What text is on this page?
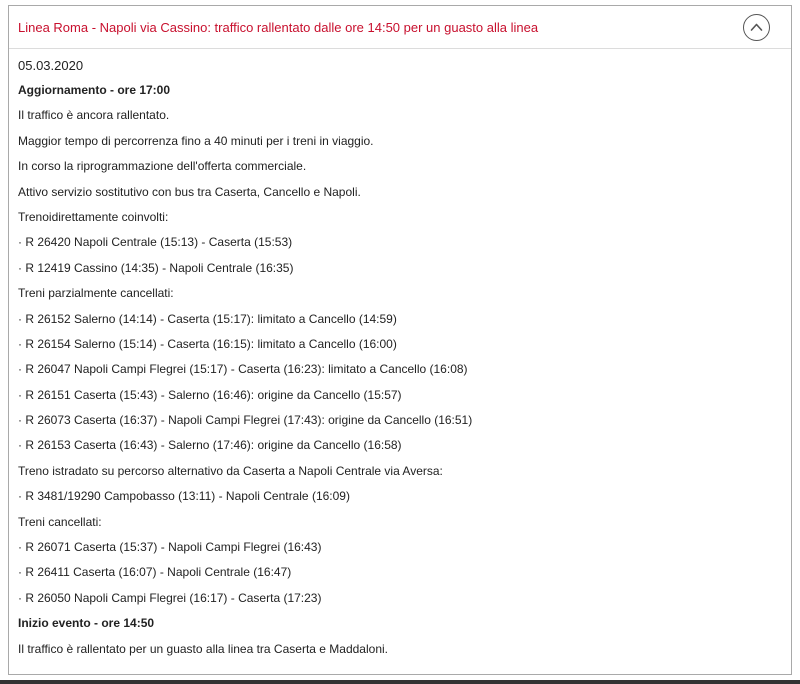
Linea Roma - Napoli via Cassino: traffico rallentato dalle ore 14:50 per un guasto alla linea
05.03.2020
Aggiornamento - ore 17:00
Il traffico è ancora rallentato.
Maggior tempo di percorrenza fino a 40 minuti per i treni in viaggio.
In corso la riprogrammazione dell'offerta commerciale.
Attivo servizio sostitutivo con bus tra Caserta, Cancello e Napoli.
Trenoidirettamente coinvolti:
· R 26420 Napoli Centrale (15:13) - Caserta (15:53)
· R 12419 Cassino (14:35) - Napoli Centrale (16:35)
Treni parzialmente cancellati:
· R 26152 Salerno (14:14) - Caserta (15:17): limitato a Cancello (14:59)
· R 26154 Salerno (15:14) - Caserta (16:15): limitato a Cancello (16:00)
· R 26047 Napoli Campi Flegrei (15:17) - Caserta (16:23): limitato a Cancello (16:08)
· R 26151 Caserta (15:43) - Salerno (16:46): origine da Cancello (15:57)
· R 26073 Caserta (16:37) - Napoli Campi Flegrei (17:43): origine da Cancello (16:51)
· R 26153 Caserta (16:43) - Salerno (17:46): origine da Cancello (16:58)
Treno istradato su percorso alternativo da Caserta a Napoli Centrale via Aversa:
· R 3481/19290 Campobasso (13:11) - Napoli Centrale (16:09)
Treni cancellati:
· R 26071 Caserta (15:37) - Napoli Campi Flegrei (16:43)
· R 26411 Caserta (16:07) - Napoli Centrale (16:47)
· R 26050 Napoli Campi Flegrei (16:17) - Caserta (17:23)
Inizio evento - ore 14:50
Il traffico è rallentato per un guasto alla linea tra Caserta e Maddaloni.
